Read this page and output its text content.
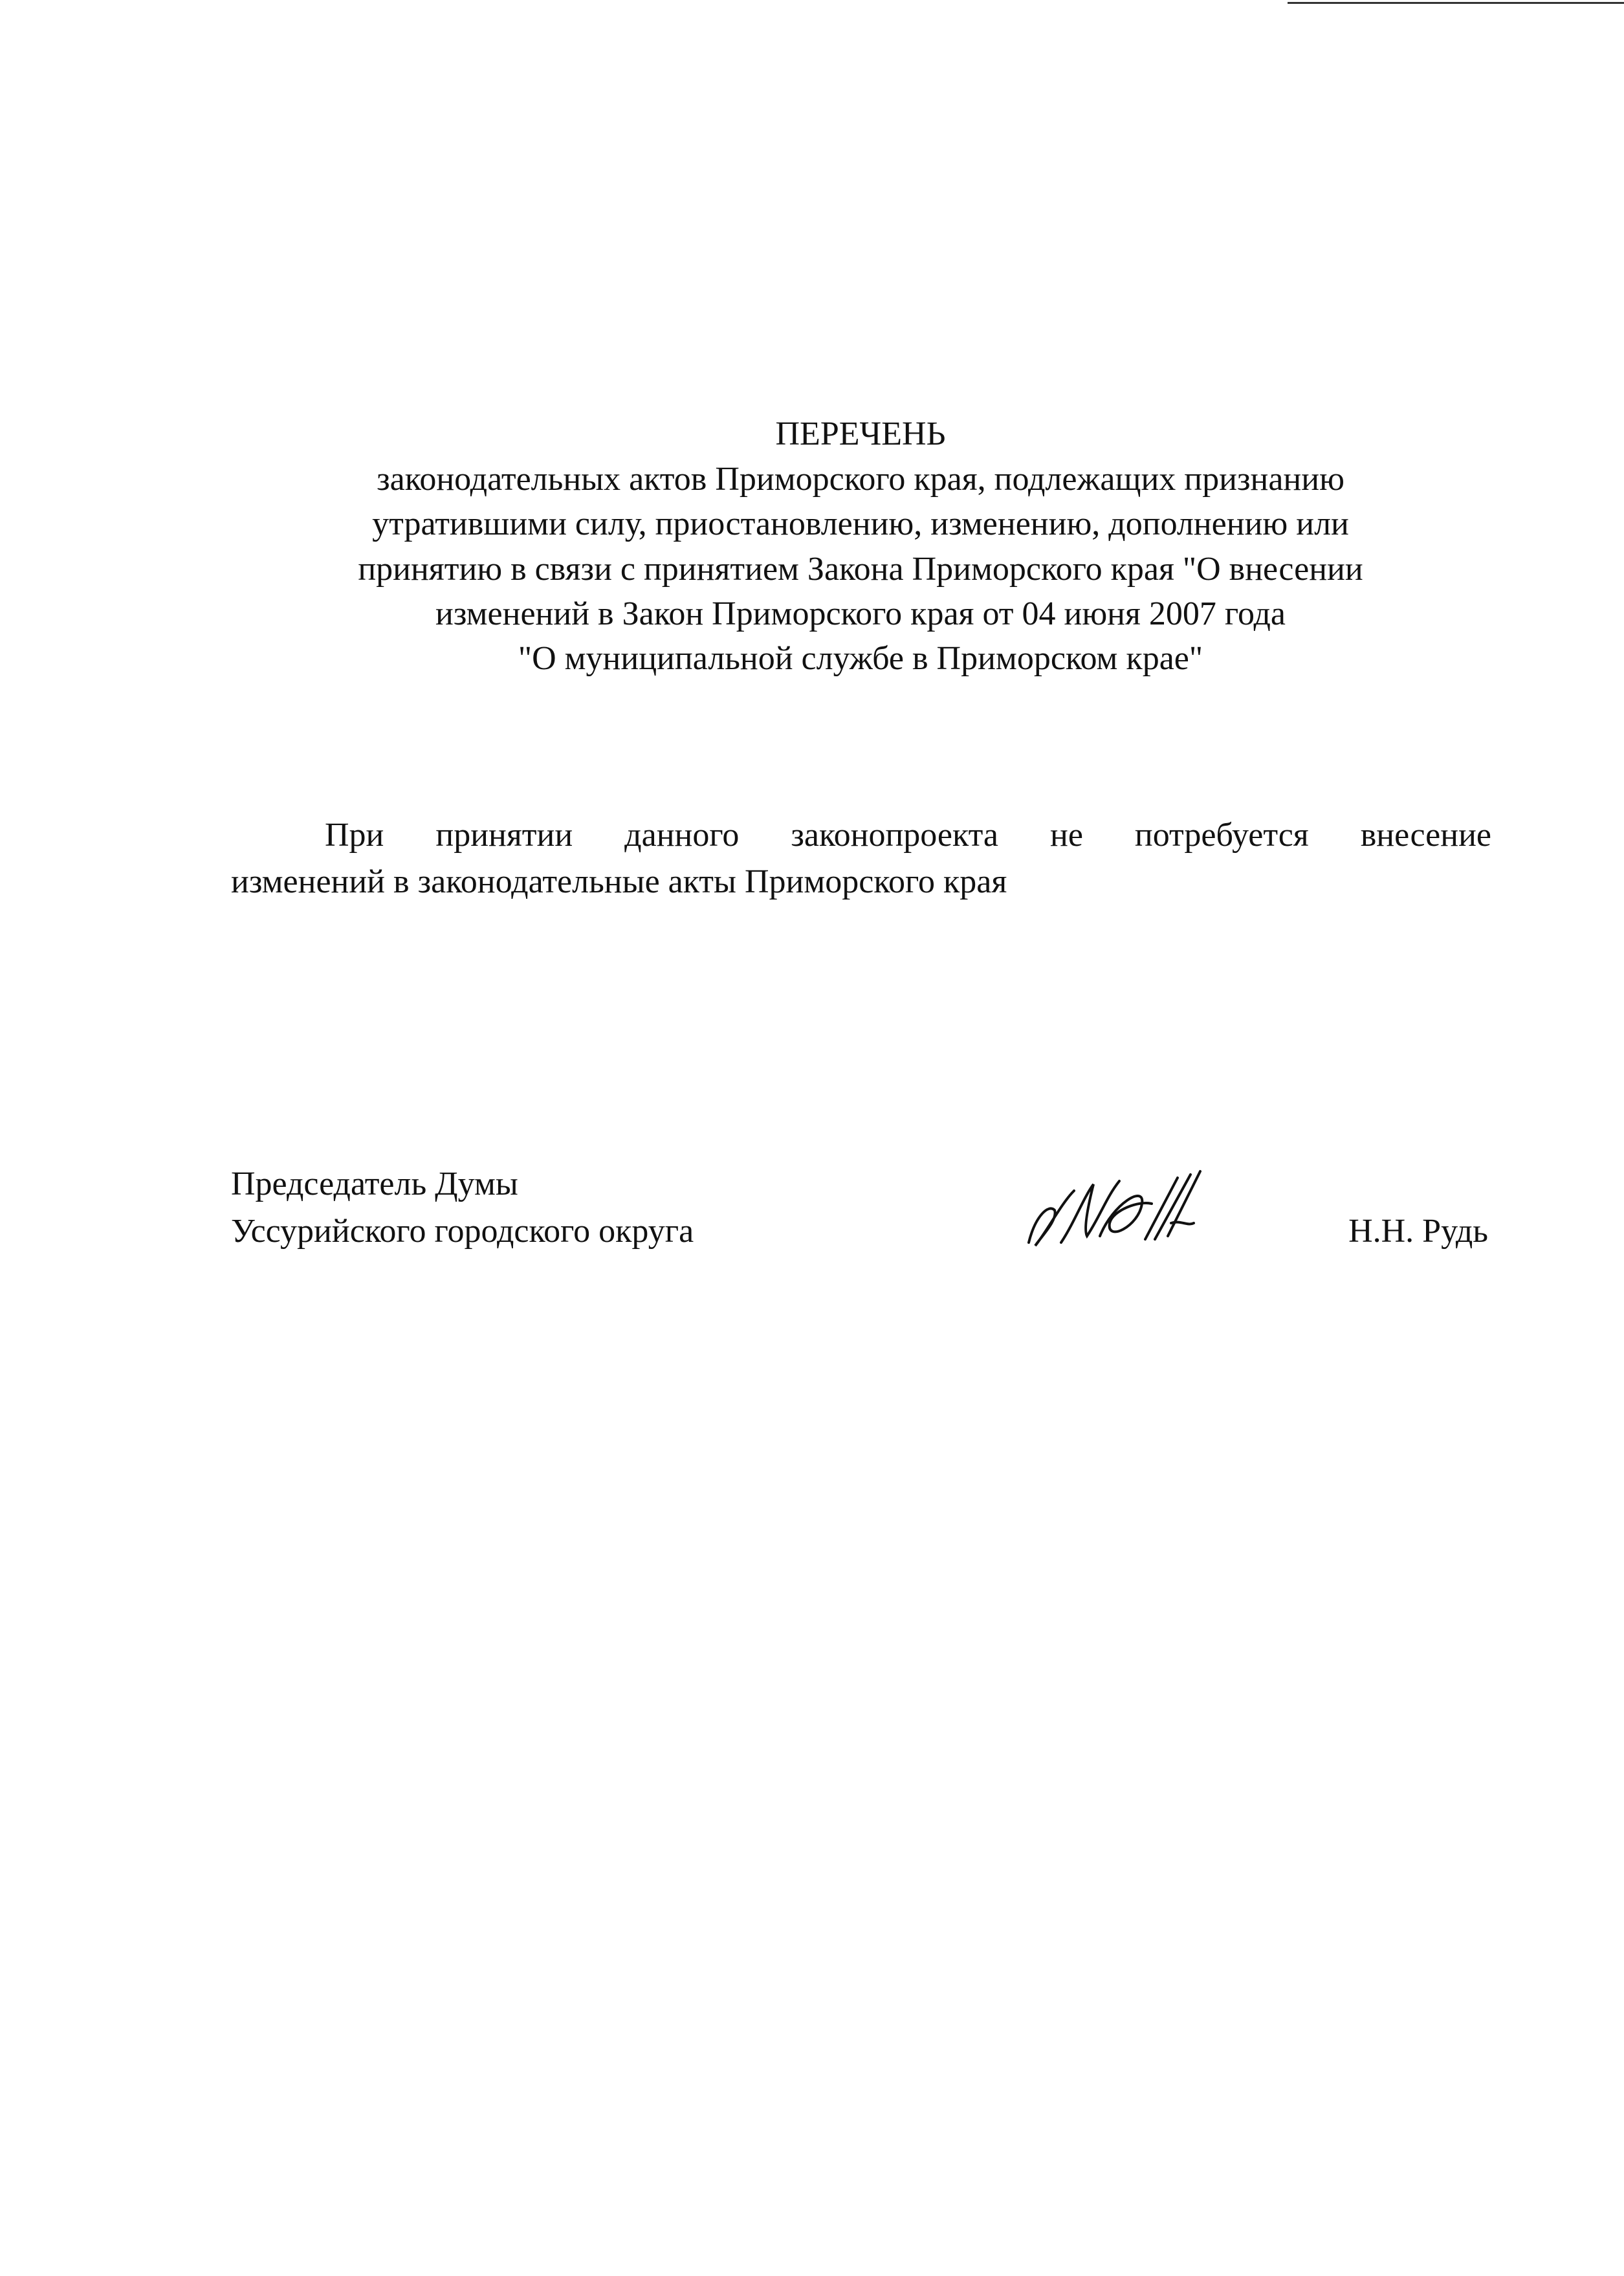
ПЕРЕЧЕНЬ
законодательных актов Приморского края, подлежащих признанию
утратившими силу, приостановлению, изменению, дополнению или
принятию в связи с принятием Закона Приморского края "О внесении
изменений в Закон Приморского края от 04 июня 2007 года
"О муниципальной службе в Приморском крае"
При принятии данного законопроекта не потребуется внесение
изменений в законодательные акты Приморского края
Председатель Думы
Уссурийского городского округа	Н.Н. Рудь
